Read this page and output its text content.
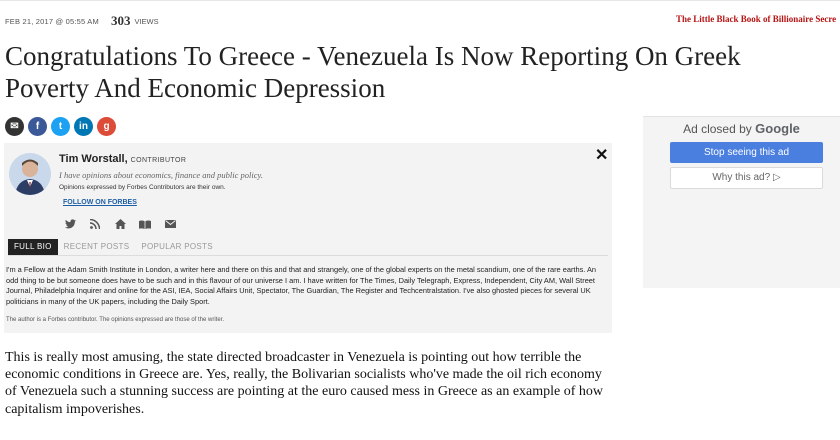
FEB 21, 2017 @ 05:55 AM 303 VIEWS	The Little Black Book of Billionaire Secre
Congratulations To Greece - Venezuela Is Now Reporting On Greek Poverty And Economic Depression
✉	f	t	in	g
Tim Worstall, CONTRIBUTOR
I have opinions about economics, finance and public policy.
Opinions expressed by Forbes Contributors are their own.
FOLLOW ON FORBES
✕
FULL BIO	RECENT POSTS	POPULAR POSTS

I'm a Fellow at the Adam Smith Institute in London, a writer here and there on this and that and strangely, one of the global experts on the metal scandium, one of the rare earths. An odd thing to be but someone does have to be such and in this flavour of our universe I am. I have written for The Times, Daily Telegraph, Express, Independent, City AM, Wall Street Journal, Philadelphia Inquirer and online for the ASI, IEA, Social Affairs Unit, Spectator, The Guardian, The Register and Techcentralstation. I've also ghosted pieces for several UK politicians in many of the UK papers, including the Daily Sport.

The author is a Forbes contributor. The opinions expressed are those of the writer.

This is really most amusing, the state directed broadcaster in Venezuela is pointing out how terrible the economic conditions in Greece are. Yes, really, the Bolivarian socialists who've made the oil rich economy of Venezuela such a stunning success are pointing at the euro caused mess in Greece as an example of how capitalism impoverishes.

Ad closed by Google
Stop seeing this ad
Why this ad? ▷
